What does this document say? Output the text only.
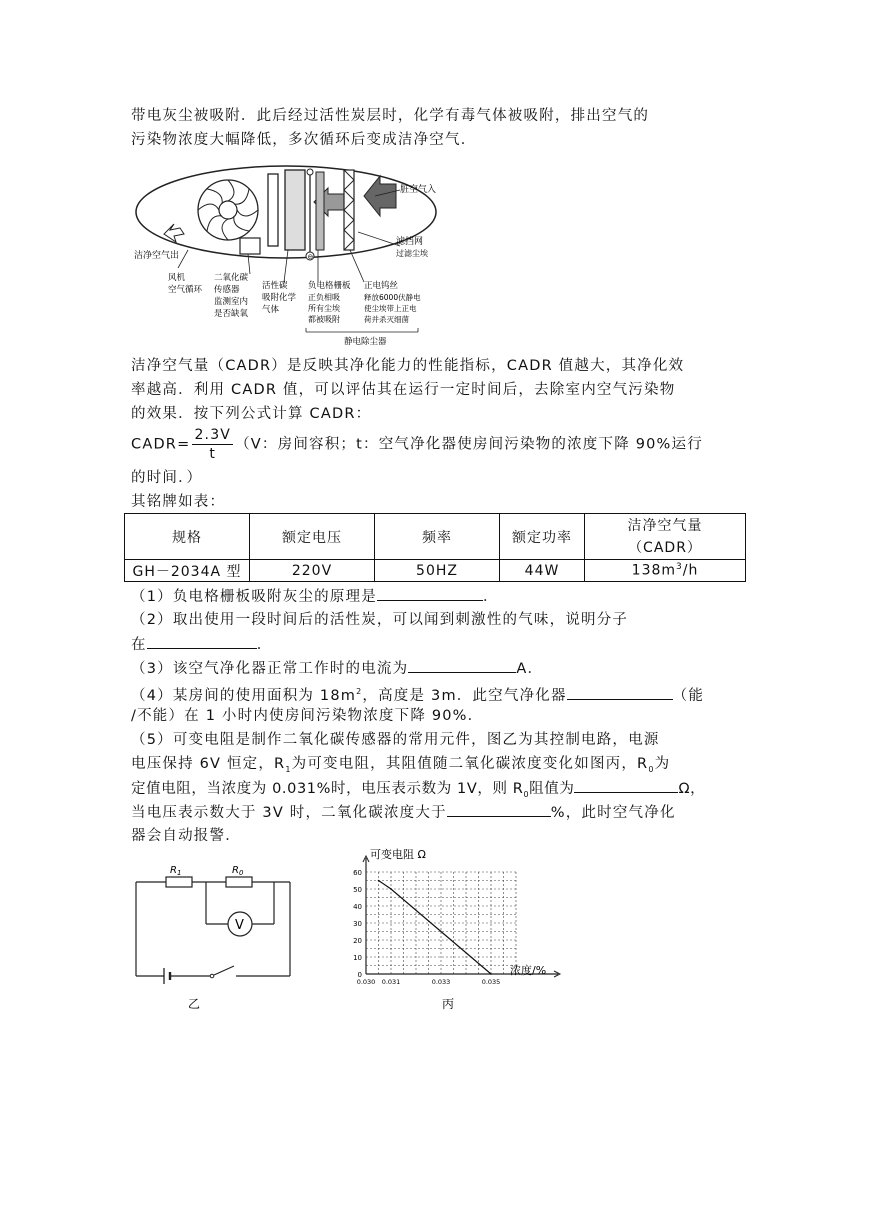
带电灰尘被吸附．此后经过活性炭层时，化学有毒气体被吸附，排出空气的
污染物浓度大幅降低，多次循环后变成洁净空气．
⊖
脏空气入
洁净空气出
滤挡网
过滤尘埃
风机
空气循环
二氧化碳
传感器
监测室内
是否缺氧
活性碳
吸附化学
气体
负电格栅板
正负相吸
所有尘埃
都被吸附
正电钨丝
释放6000伏静电
使尘埃带上正电
荷并杀灭细菌
静电除尘器
洁净空气量（CADR）是反映其净化能力的性能指标，CADR 值越大，其净化效
率越高．利用 CADR 值，可以评估其在运行一定时间后，去除室内空气污染物
的效果．按下列公式计算 CADR：
CADR= $\frac{2.3V}{t} (V$：房间容积；t：空气净化器使房间污染物的浓度下降 90%运行
的时间．）
其铭牌如表：
规格	额定电压	频率	额定功率	洁净空气量
（CADR）

GH－2034A 型	220V	50HZ	44W	$138m^3/h$
（1）负电格栅板吸附灰尘的原理是	．
（2）取出使用一段时间后的活性炭，可以闻到刺激性的气味，说明分子
在	．
（3）该空气净化器正常工作时的电流为	A．
（4）某房间的使用面积为 $18m^2$，高度是 3m．此空气净化器	（能
/不能）在 1 小时内使房间污染物浓度下降 90%．
（5）可变电阻是制作二氧化碳传感器的常用元件，图乙为其控制电路，电源
电压保持 6V 恒定，$R_1$为可变电阻，其阻值随二氧化碳浓度变化如图丙，$R_0$为
定值电阻，当浓度为 0.031%时，电压表示数为 1V，则 $R_0$阻值为	Ω，
当电压表示数大于 3V 时，二氧化碳浓度大于	%，此时空气净化
器会自动报警．
V
$R_1$	$R_0$
乙
0
10
20
30
40
50
60
0.030 0.031	0.033	0.035
可变电阻 Ω
浓度/%
丙
